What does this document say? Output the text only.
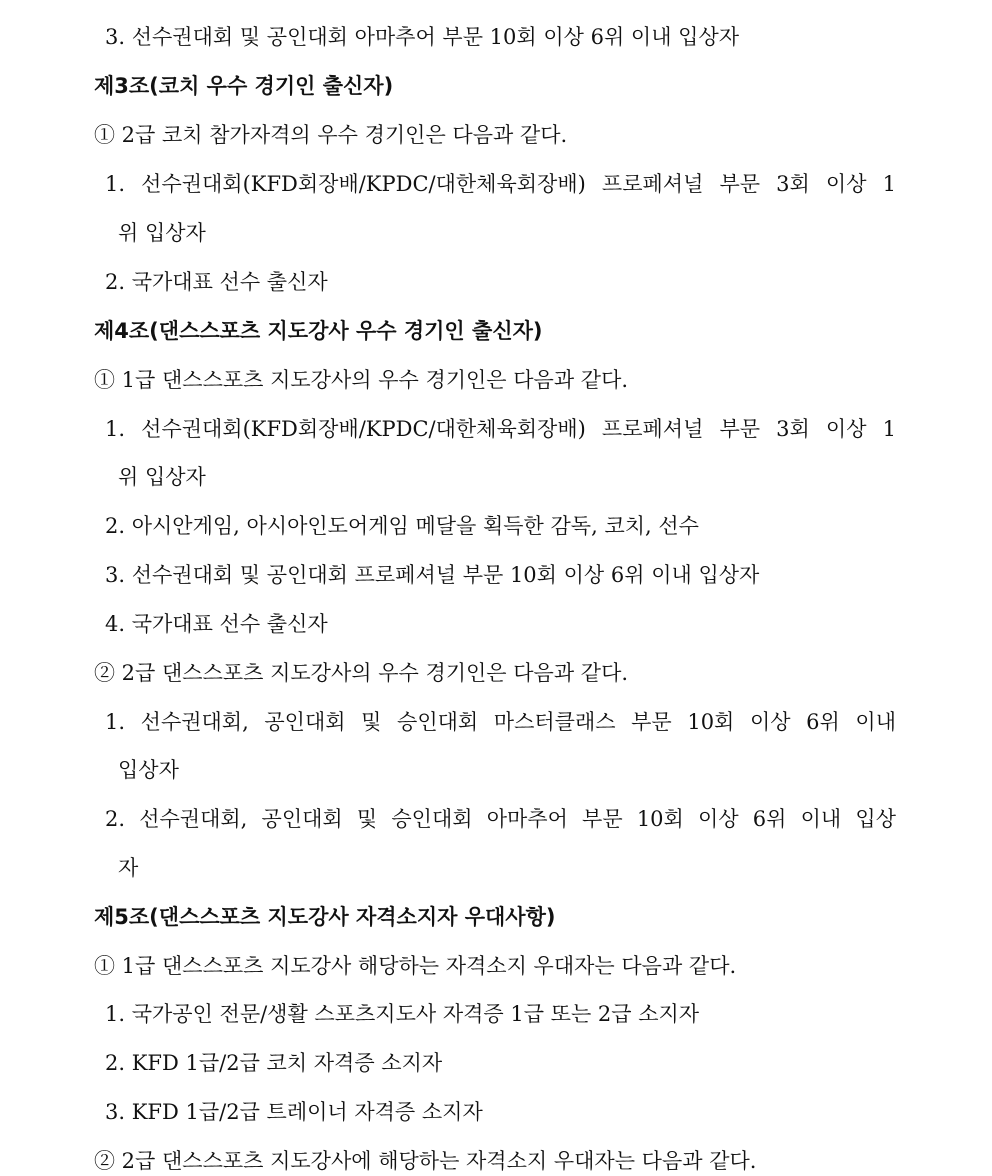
3. 선수권대회 및 공인대회 아마추어 부문 10회 이상 6위 이내 입상자
제3조(코치 우수 경기인 출신자)
① 2급 코치 참가자격의 우수 경기인은 다음과 같다.
1. 선수권대회(KFD회장배/KPDC/대한체육회장배) 프로페셔널 부문 3회 이상 1
위 입상자
2. 국가대표 선수 출신자
제4조(댄스스포츠 지도강사 우수 경기인 출신자)
① 1급 댄스스포츠 지도강사의 우수 경기인은 다음과 같다.
1. 선수권대회(KFD회장배/KPDC/대한체육회장배) 프로페셔널 부문 3회 이상 1
위 입상자
2. 아시안게임, 아시아인도어게임 메달을 획득한 감독, 코치, 선수
3. 선수권대회 및 공인대회 프로페셔널 부문 10회 이상 6위 이내 입상자
4. 국가대표 선수 출신자
② 2급 댄스스포츠 지도강사의 우수 경기인은 다음과 같다.
1. 선수권대회, 공인대회 및 승인대회 마스터클래스 부문 10회 이상 6위 이내
입상자
2. 선수권대회, 공인대회 및 승인대회 아마추어 부문 10회 이상 6위 이내 입상
자
제5조(댄스스포츠 지도강사 자격소지자 우대사항)
① 1급 댄스스포츠 지도강사 해당하는 자격소지 우대자는 다음과 같다.
1. 국가공인 전문/생활 스포츠지도사 자격증 1급 또는 2급 소지자
2. KFD 1급/2급 코치 자격증 소지자
3. KFD 1급/2급 트레이너 자격증 소지자
② 2급 댄스스포츠 지도강사에 해당하는 자격소지 우대자는 다음과 같다.
